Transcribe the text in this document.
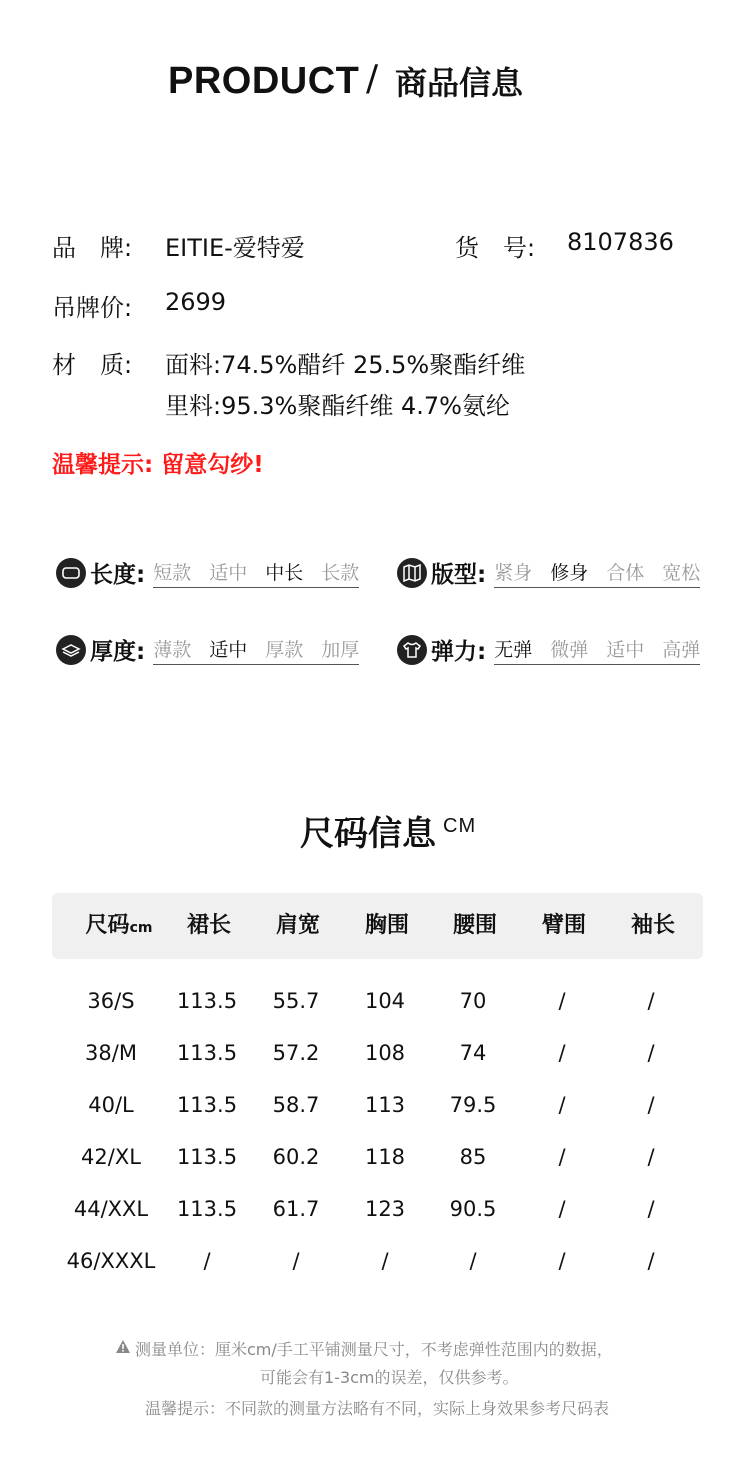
PRODUCT / 商品信息
品　牌: EITIE-爱特爱	货　号: 8107836
吊牌价: 2699
材　质: 面料:74.5%醋纤 25.5%聚酯纤维
里料:95.3%聚酯纤维 4.7%氨纶
温馨提示: 留意勾纱!
长度: 短款 适中 中长 长款	版型: 紧身 修身 合体 宽松
厚度: 薄款 适中 厚款 加厚	弹力: 无弹 微弹 适中 高弹
尺码信息 CM
尺码cm	裙长	肩宽	胸围	腰围	臂围	袖长
36/S	113.5	55.7	104	70	/	/
38/M	113.5	57.2	108	74	/	/
40/L	113.5	58.7	113	79.5	/	/
42/XL	113.5	60.2	118	85	/	/
44/XXL	113.5	61.7	123	90.5	/	/
46/XXXL	/	/	/	/	/	/
测量单位：厘米cm/手工平铺测量尺寸，不考虑弹性范围内的数据，
可能会有1-3cm的误差，仅供参考。
温馨提示：不同款的测量方法略有不同，实际上身效果参考尺码表
